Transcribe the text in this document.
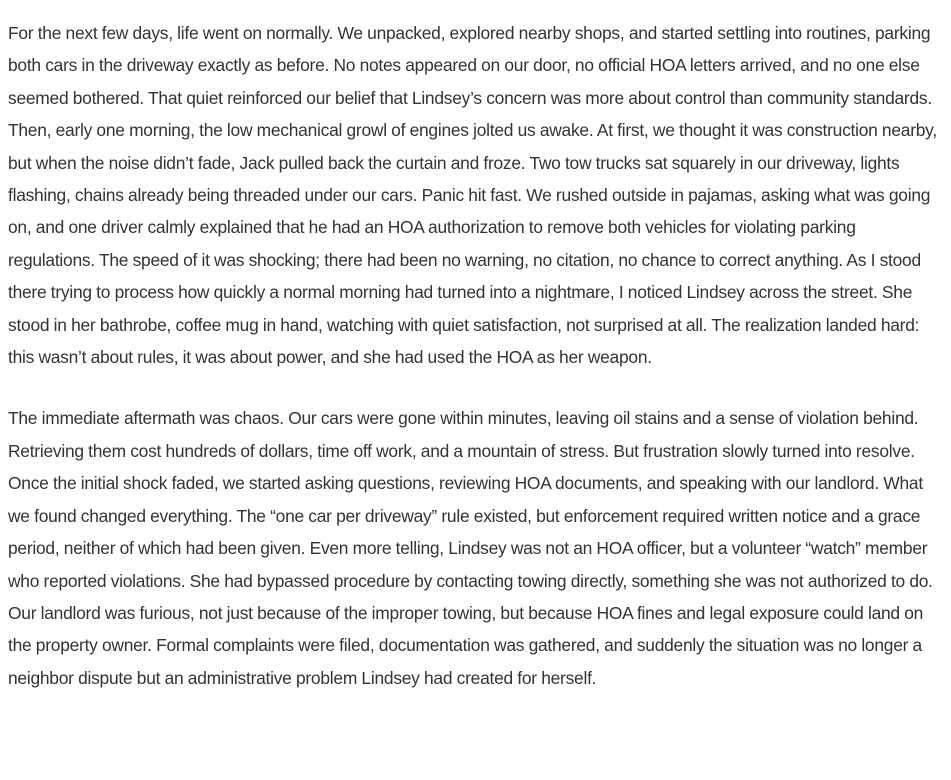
For the next few days, life went on normally. We unpacked, explored nearby shops, and started settling into routines, parking both cars in the driveway exactly as before. No notes appeared on our door, no official HOA letters arrived, and no one else seemed bothered. That quiet reinforced our belief that Lindsey’s concern was more about control than community standards. Then, early one morning, the low mechanical growl of engines jolted us awake. At first, we thought it was construction nearby, but when the noise didn’t fade, Jack pulled back the curtain and froze. Two tow trucks sat squarely in our driveway, lights flashing, chains already being threaded under our cars. Panic hit fast. We rushed outside in pajamas, asking what was going on, and one driver calmly explained that he had an HOA authorization to remove both vehicles for violating parking regulations. The speed of it was shocking; there had been no warning, no citation, no chance to correct anything. As I stood there trying to process how quickly a normal morning had turned into a nightmare, I noticed Lindsey across the street. She stood in her bathrobe, coffee mug in hand, watching with quiet satisfaction, not surprised at all. The realization landed hard: this wasn’t about rules, it was about power, and she had used the HOA as her weapon.

The immediate aftermath was chaos. Our cars were gone within minutes, leaving oil stains and a sense of violation behind. Retrieving them cost hundreds of dollars, time off work, and a mountain of stress. But frustration slowly turned into resolve. Once the initial shock faded, we started asking questions, reviewing HOA documents, and speaking with our landlord. What we found changed everything. The “one car per driveway” rule existed, but enforcement required written notice and a grace period, neither of which had been given. Even more telling, Lindsey was not an HOA officer, but a volunteer “watch” member who reported violations. She had bypassed procedure by contacting towing directly, something she was not authorized to do. Our landlord was furious, not just because of the improper towing, but because HOA fines and legal exposure could land on the property owner. Formal complaints were filed, documentation was gathered, and suddenly the situation was no longer a neighbor dispute but an administrative problem Lindsey had created for herself.
